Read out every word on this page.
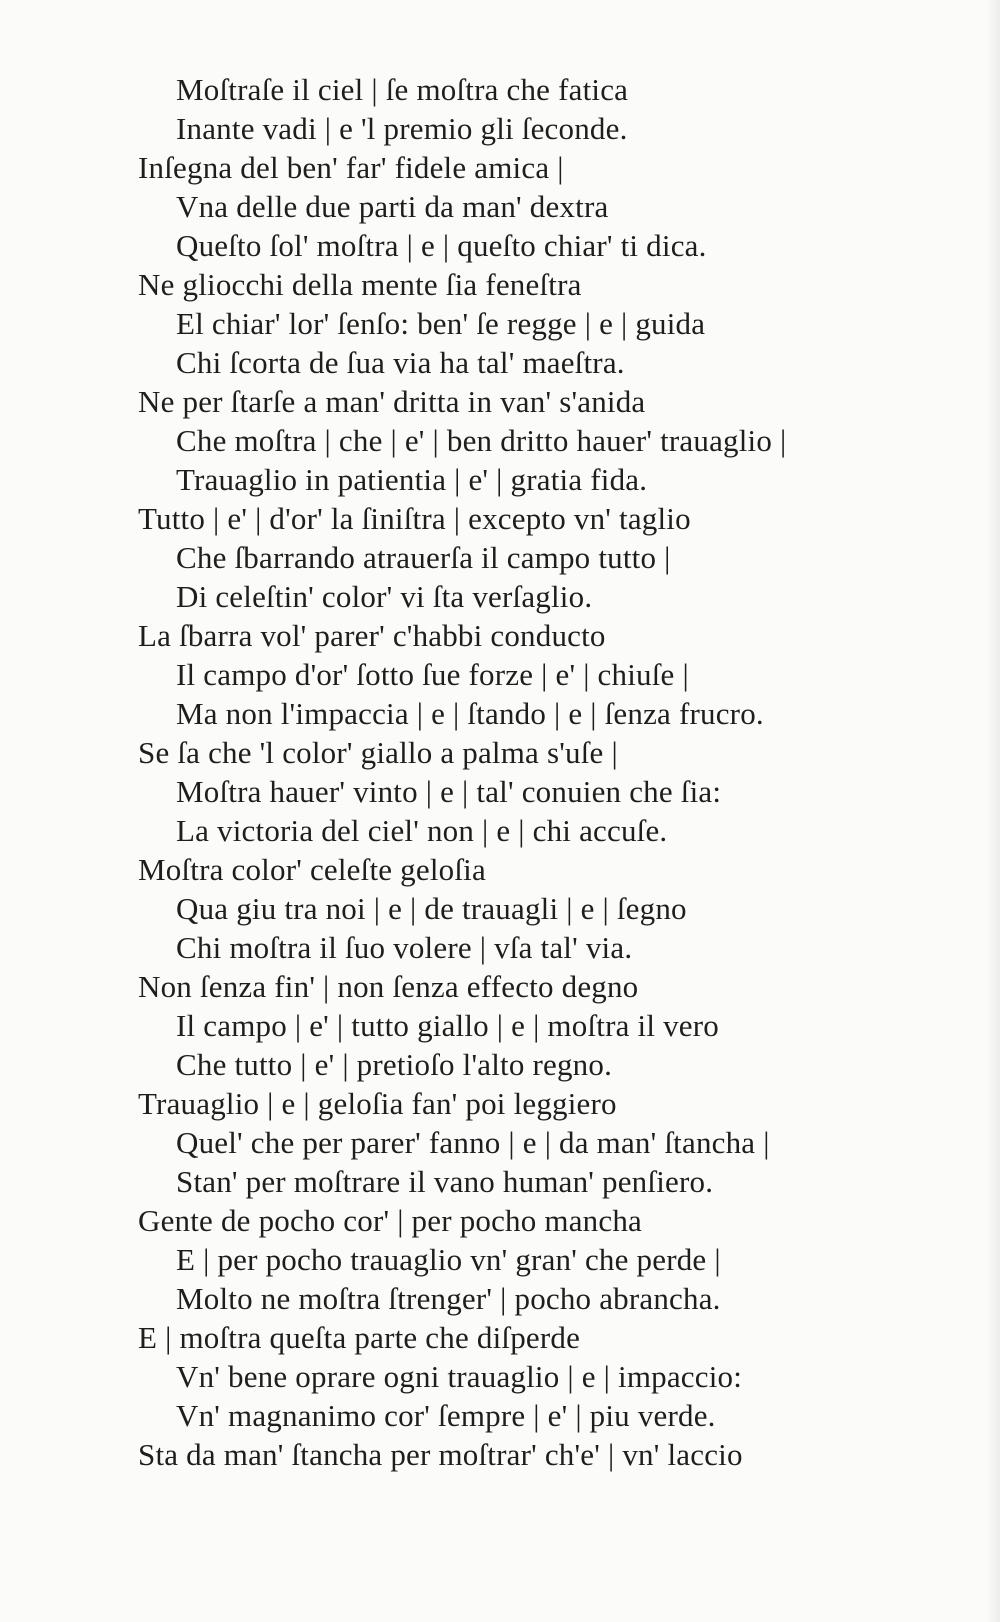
Moſtraſe il ciel | ſe moſtra che fatica
Inante vadi | e 'l premio gli ſeconde.
Inſegna del ben' far' fidele amica |
Vna delle due parti da man' dextra
Queſto ſol' moſtra | e | queſto chiar' ti dica.
Ne gliocchi della mente ſia feneſtra
El chiar' lor' ſenſo: ben' ſe regge | e | guida
Chi ſcorta de ſua via ha tal' maeſtra.
Ne per ſtarſe a man' dritta in van' s'anida
Che moſtra | che | e' | ben dritto hauer' trauaglio |
Trauaglio in patientia | e' | gratia fida.
Tutto | e' | d'or' la ſiniſtra | excepto vn' taglio
Che ſbarrando atrauerſa il campo tutto |
Di celeſtin' color' vi ſta verſaglio.
La ſbarra vol' parer' c'habbi conducto
Il campo d'or' ſotto ſue forze | e' | chiuſe |
Ma non l'impaccia | e | ſtando | e | ſenza frucro.
Se ſa che 'l color' giallo a palma s'uſe |
Moſtra hauer' vinto | e | tal' conuien che ſia:
La victoria del ciel' non | e | chi accuſe.
Moſtra color' celeſte geloſia
Qua giu tra noi | e | de trauagli | e | ſegno
Chi moſtra il ſuo volere | vſa tal' via.
Non ſenza fin' | non ſenza effecto degno
Il campo | e' | tutto giallo | e | moſtra il vero
Che tutto | e' | pretioſo l'alto regno.
Trauaglio | e | geloſia fan' poi leggiero
Quel' che per parer' fanno | e | da man' ſtancha |
Stan' per moſtrare il vano human' penſiero.
Gente de pocho cor' | per pocho mancha
E | per pocho trauaglio vn' gran' che perde |
Molto ne moſtra ſtrenger' | pocho abrancha.
E | moſtra queſta parte che diſperde
Vn' bene oprare ogni trauaglio | e | impaccio:
Vn' magnanimo cor' ſempre | e' | piu verde.
Sta da man' ſtancha per moſtrar' ch'e' | vn' laccio
